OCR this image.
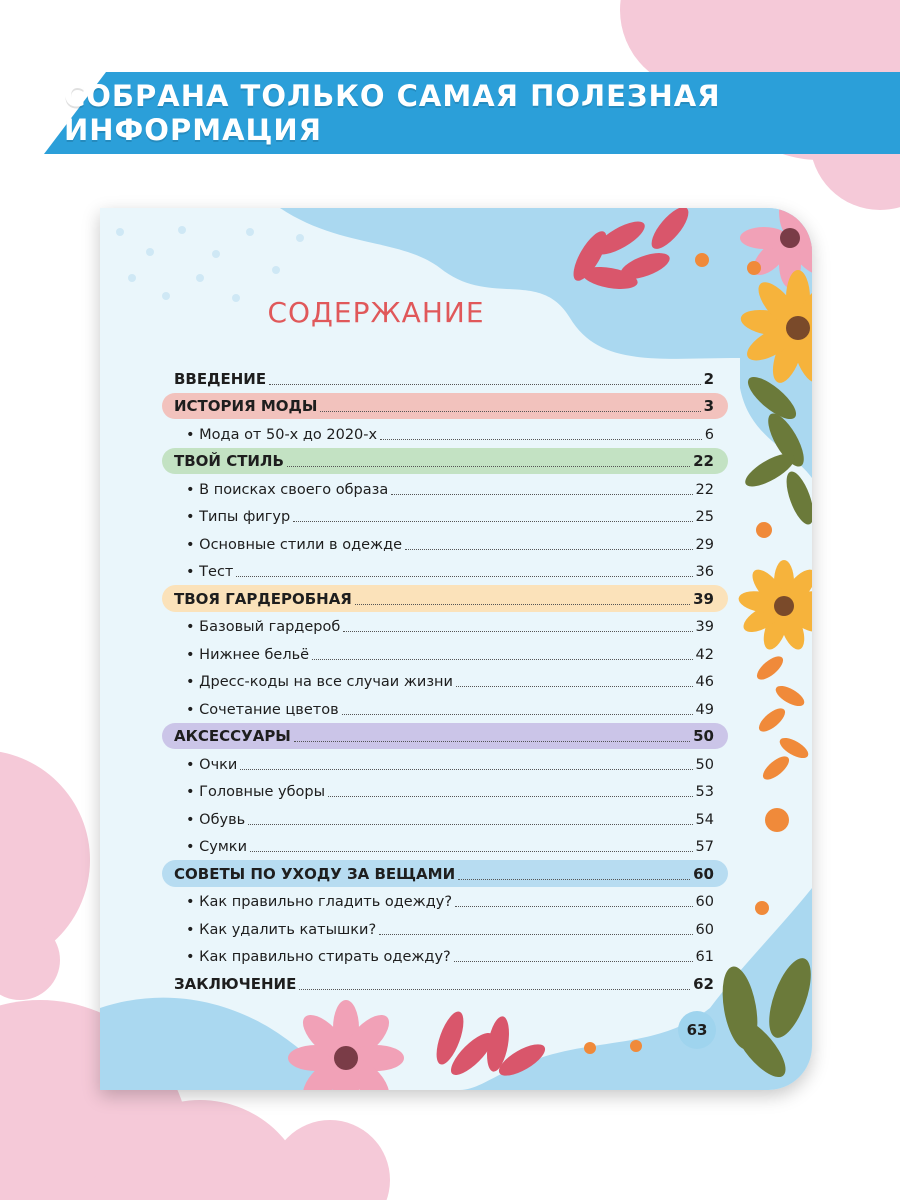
СОБРАНА ТОЛЬКО САМАЯ ПОЛЕЗНАЯ ИНФОРМАЦИЯ
СОДЕРЖАНИЕ
ВВЕДЕНИЕ	2
ИСТОРИЯ МОДЫ	3
• Мода от 50-х до 2020-х	6
ТВОЙ СТИЛЬ	22
• В поисках своего образа	22
• Типы фигур	25
• Основные стили в одежде	29
• Тест	36
ТВОЯ ГАРДЕРОБНАЯ	39
• Базовый гардероб	39
• Нижнее бельё	42
• Дресс-коды на все случаи жизни	46
• Сочетание цветов	49
АКСЕССУАРЫ	50
• Очки	50
• Головные уборы	53
• Обувь	54
• Сумки	57
СОВЕТЫ ПО УХОДУ ЗА ВЕЩАМИ	60
• Как правильно гладить одежду?	60
• Как удалить катышки?	60
• Как правильно стирать одежду?	61
ЗАКЛЮЧЕНИЕ	62
63
